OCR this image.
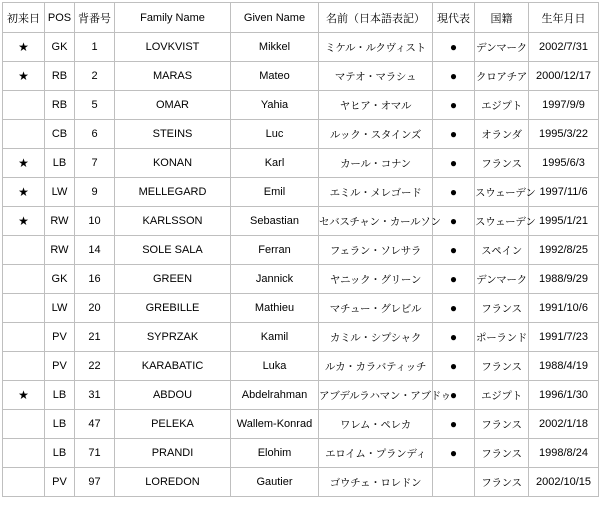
初来日	POS	背番号	Family Name	Given Name	名前（日本語表記）	現代表	国籍	生年月日
★	GK	1	LOVKVIST	Mikkel	ミケル・ルクヴィスト	●	デンマーク	2002/7/31
★	RB	2	MARAS	Mateo	マテオ・マラシュ	●	クロアチア	2000/12/17
	RB	5	OMAR	Yahia	ヤヒア・オマル	●	エジプト	1997/9/9
	CB	6	STEINS	Luc	ルック・スタインズ	●	オランダ	1995/3/22
★	LB	7	KONAN	Karl	カール・コナン	●	フランス	1995/6/3
★	LW	9	MELLEGARD	Emil	エミル・メレゴード	●	スウェーデン	1997/11/6
★	RW	10	KARLSSON	Sebastian	セバスチャン・カールソン	●	スウェーデン	1995/1/21
	RW	14	SOLE SALA	Ferran	フェラン・ソレサラ	●	スペイン	1992/8/25
	GK	16	GREEN	Jannick	ヤニック・グリーン	●	デンマーク	1988/9/29
	LW	20	GREBILLE	Mathieu	マチュー・グレビル	●	フランス	1991/10/6
	PV	21	SYPRZAK	Kamil	カミル・シプシャク	●	ポーランド	1991/7/23
	PV	22	KARABATIC	Luka	ルカ・カラバティッチ	●	フランス	1988/4/19
★	LB	31	ABDOU	Abdelrahman	アブデルラハマン・アブドゥ	●	エジプト	1996/1/30
	LB	47	PELEKA	Wallem-Konrad	ワレム・ペレカ	●	フランス	2002/1/18
	LB	71	PRANDI	Elohim	エロイム・プランディ	●	フランス	1998/8/24
	PV	97	LOREDON	Gautier	ゴウチェ・ロレドン		フランス	2002/10/15
